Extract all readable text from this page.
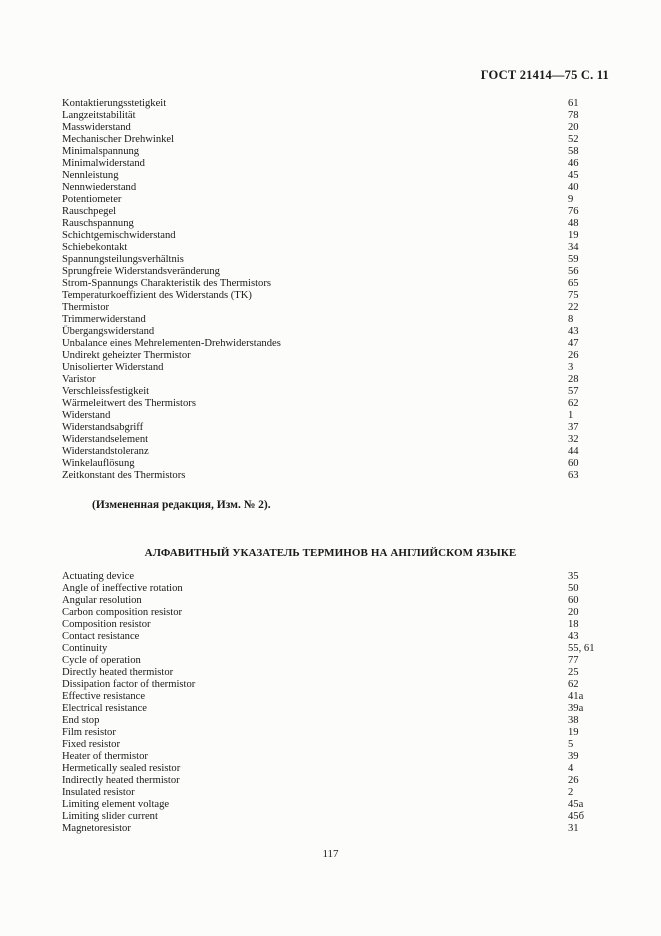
ГОСТ 21414—75 С. 11
Kontaktierungsstetigkeit	61
Langzeitstabilität	78
Masswiderstand	20
Mechanischer Drehwinkel	52
Minimalspannung	58
Minimalwiderstand	46
Nennleistung	45
Nennwiederstand	40
Potentiometer	9
Rauschpegel	76
Rauschspannung	48
Schichtgemischwiderstand	19
Schiebekontakt	34
Spannungsteilungsverhältnis	59
Sprungfreie Widerstandsveränderung	56
Strom-Spannungs Charakteristik des Thermistors	65
Temperaturkoeffizient des Widerstands (TK)	75
Thermistor	22
Trimmerwiderstand	8
Übergangswiderstand	43
Unbalance eines Mehrelementen-Drehwiderstandes	47
Undirekt geheizter Thermistor	26
Unisolierter Widerstand	3
Varistor	28
Verschleissfestigkeit	57
Wärmeleitwert des Thermistors	62
Widerstand	1
Widerstandsabgriff	37
Widerstandselement	32
Widerstandstoleranz	44
Winkelauflösung	60
Zeitkonstant des Thermistors	63
(Измененная редакция, Изм. № 2).
АЛФАВИТНЫЙ УКАЗАТЕЛЬ ТЕРМИНОВ НА АНГЛИЙСКОМ ЯЗЫКЕ
Actuating device	35
Angle of ineffective rotation	50
Angular resolution	60
Carbon composition resistor	20
Composition resistor	18
Contact resistance	43
Continuity	55, 61
Cycle of operation	77
Directly heated thermistor	25
Dissipation factor of thermistor	62
Effective resistance	41a
Electrical resistance	39a
End stop	38
Film resistor	19
Fixed resistor	5
Heater of thermistor	39
Hermetically sealed resistor	4
Indirectly heated thermistor	26
Insulated resistor	2
Limiting element voltage	45a
Limiting slider current	45б
Magnetoresistor	31
117
